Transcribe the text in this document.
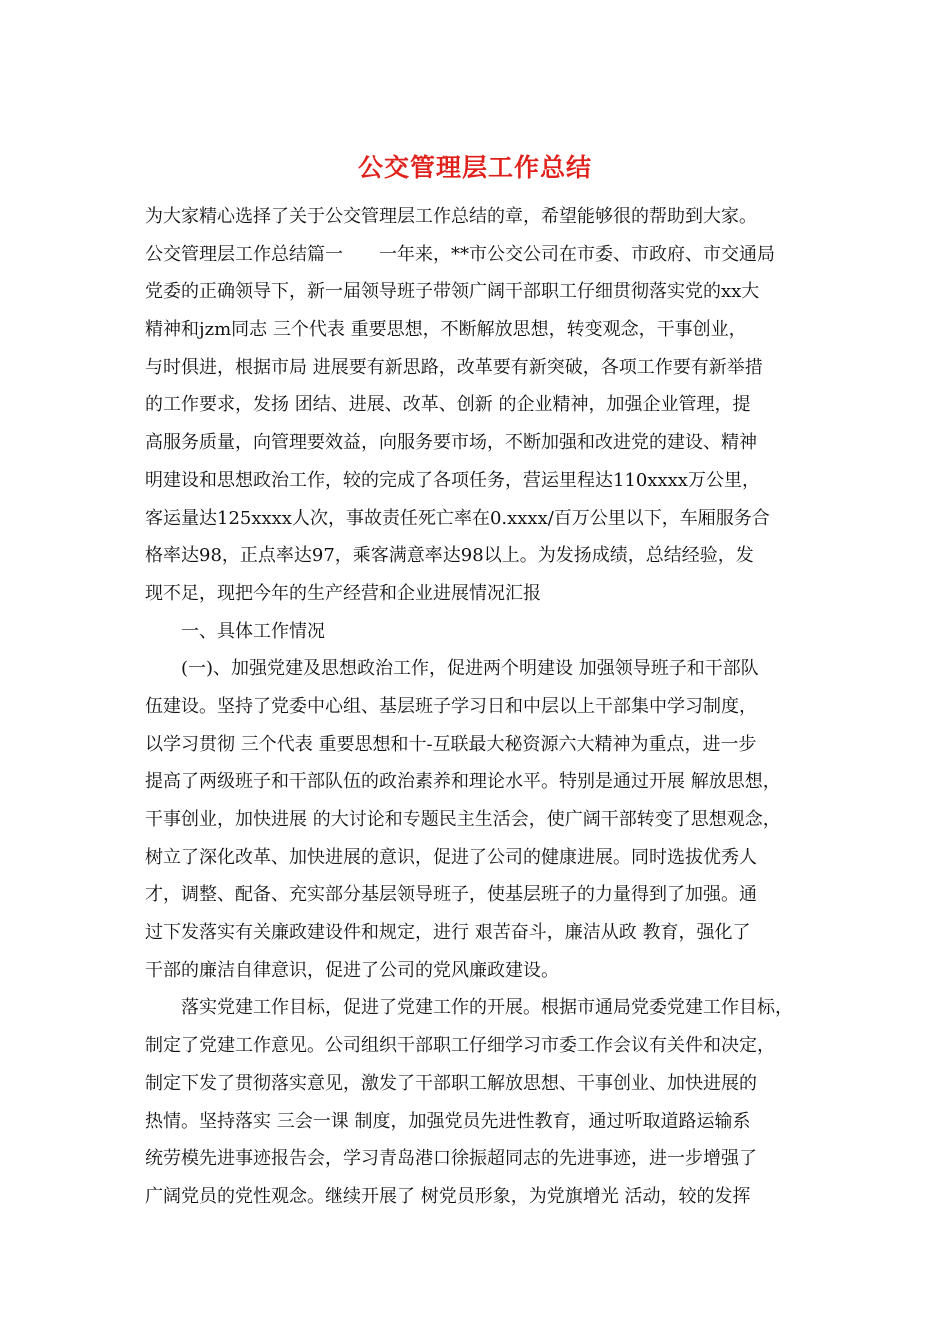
公交管理层工作总结
为大家精心选择了关于公交管理层工作总结的章，希望能够很的帮助到大家。
公交管理层工作总结篇一　　一年来，**市公交公司在市委、市政府、市交通局
党委的正确领导下，新一届领导班子带领广阔干部职工仔细贯彻落实党的xx大
精神和jzm同志 三个代表 重要思想，不断解放思想，转变观念，干事创业，
与时俱进，根据市局 进展要有新思路，改革要有新突破，各项工作要有新举措
的工作要求，发扬 团结、进展、改革、创新 的企业精神，加强企业管理，提
高服务质量，向管理要效益，向服务要市场，不断加强和改进党的建设、精神
明建设和思想政治工作，较的完成了各项任务，营运里程达110xxxx万公里，
客运量达125xxxx人次，事故责任死亡率在0.xxxx/百万公里以下，车厢服务合
格率达98，正点率达97，乘客满意率达98以上。为发扬成绩，总结经验，发
现不足，现把今年的生产经营和企业进展情况汇报
　　一、具体工作情况
　　(一)、加强党建及思想政治工作，促进两个明建设 加强领导班子和干部队
伍建设。坚持了党委中心组、基层班子学习日和中层以上干部集中学习制度，
以学习贯彻 三个代表 重要思想和十-互联最大秘资源六大精神为重点，进一步
提高了两级班子和干部队伍的政治素养和理论水平。特别是通过开展 解放思想，
干事创业，加快进展 的大讨论和专题民主生活会，使广阔干部转变了思想观念，
树立了深化改革、加快进展的意识，促进了公司的健康进展。同时选拔优秀人
才，调整、配备、充实部分基层领导班子，使基层班子的力量得到了加强。通
过下发落实有关廉政建设件和规定，进行 艰苦奋斗，廉洁从政 教育，强化了
干部的廉洁自律意识，促进了公司的党风廉政建设。
　　落实党建工作目标，促进了党建工作的开展。根据市通局党委党建工作目标，
制定了党建工作意见。公司组织干部职工仔细学习市委工作会议有关件和决定，
制定下发了贯彻落实意见，激发了干部职工解放思想、干事创业、加快进展的
热情。坚持落实 三会一课 制度，加强党员先进性教育，通过听取道路运输系
统劳模先进事迹报告会，学习青岛港口徐振超同志的先进事迹，进一步增强了
广阔党员的党性观念。继续开展了 树党员形象，为党旗增光 活动，较的发挥
